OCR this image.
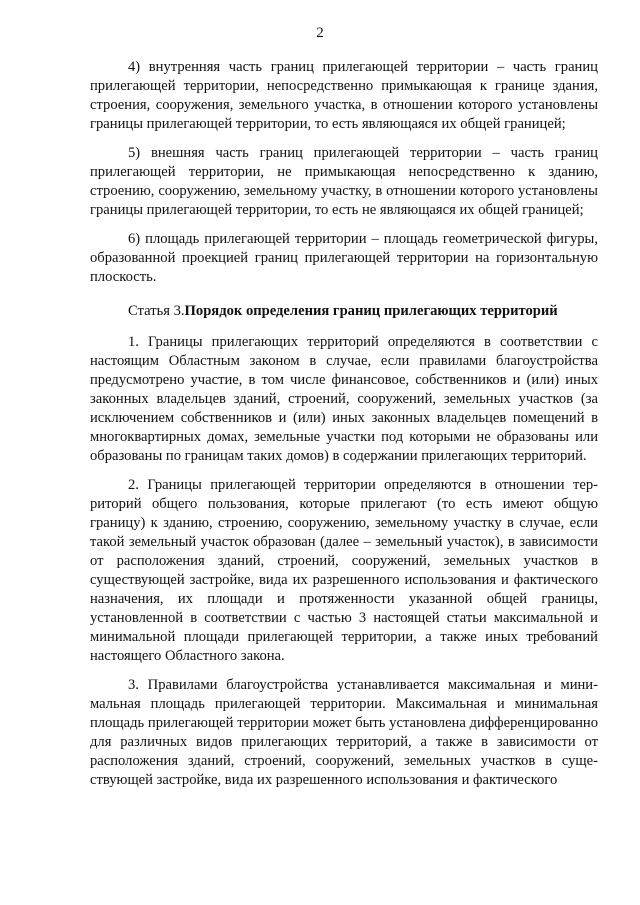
2

4) внутренняя часть границ прилегающей территории – часть границ прилегающей территории, непосредственно примыкающая к границе здания, строения, сооружения, земельного участка, в отношении которого установлены границы прилегающей территории, то есть являющаяся их общей границей;

5) внешняя часть границ прилегающей территории – часть границ прилегающей территории, не примыкающая непосредственно к зданию, строению, сооружению, земельному участку, в отношении которого установлены границы прилегающей территории, то есть не являющаяся их общей границей;

6) площадь прилегающей территории – площадь геометрической фигуры, образованной проекцией границ прилегающей территории на горизонтальную плоскость.

Статья 3.Порядок определения границ прилегающих территорий

1. Границы прилегающих территорий определяются в соответствии с настоящим Областным законом в случае, если правилами благоустройства предусмотрено участие, в том числе финансовое, собственников и (или) иных законных владельцев зданий, строений, сооружений, земельных участков (за исключением собственников и (или) иных законных владельцев помещений в многоквартирных домах, земельные участки под которыми не образованы или образованы по границам таких домов) в содержании прилегающих территорий.

2. Границы прилегающей территории определяются в отношении территорий общего пользования, которые прилегают (то есть имеют общую границу) к зданию, строению, сооружению, земельному участку в случае, если такой земельный участок образован (далее – земельный участок), в зависимости от расположения зданий, строений, сооружений, земельных участков в существующей застройке, вида их разрешенного использования и фактического назначения, их площади и протяженности указанной общей границы, установленной в соответствии с частью 3 настоящей статьи максимальной и минимальной площади прилегающей территории, а также иных требований настоящего Областного закона.

3. Правилами благоустройства устанавливается максимальная и минимальная площадь прилегающей территории. Максимальная и минимальная площадь прилегающей территории может быть установлена дифференцированно для различных видов прилегающих территорий, а также в зависимости от расположения зданий, строений, сооружений, земельных участков в существующей застройке, вида их разрешенного использования и фактического
